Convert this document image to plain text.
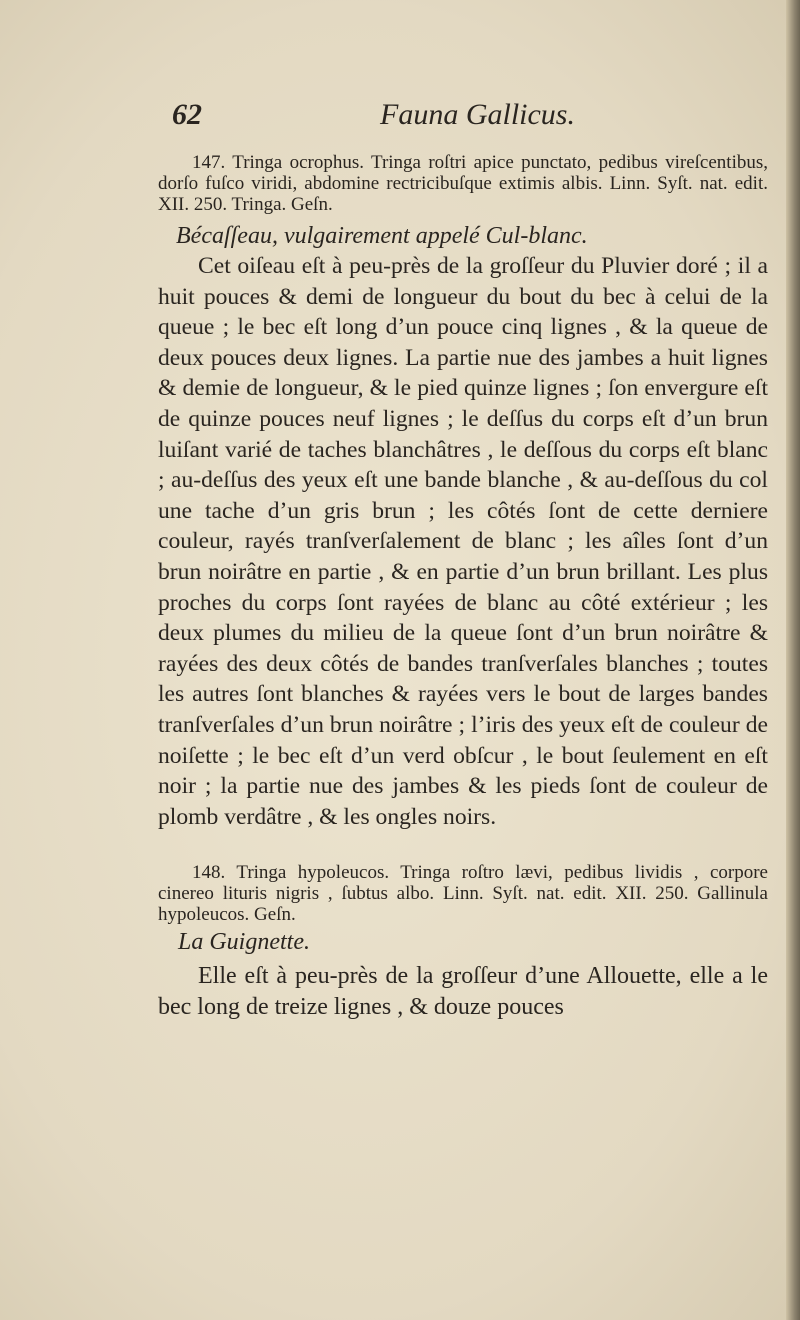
62	Fauna Gallicus.

147. Tringa ocrophus. Tringa roſtri apice punctato, pedibus vireſcentibus, dorſo fuſco viridi, abdomine rectricibuſque extimis albis. Linn. Syſt. nat. edit. XII. 250. Tringa. Geſn.

Bécaſſeau, vulgairement appelé Cul-blanc.

Cet oiſeau eſt à peu-près de la groſſeur du Pluvier doré ; il a huit pouces & demi de longueur du bout du bec à celui de la queue ; le bec eſt long d’un pouce cinq lignes , & la queue de deux pouces deux lignes. La partie nue des jambes a huit lignes & demie de longueur, & le pied quinze lignes ; ſon envergure eſt de quinze pouces neuf lignes ; le deſſus du corps eſt d’un brun luiſant varié de taches blanchâtres , le deſſous du corps eſt blanc ; au-deſſus des yeux eſt une bande blanche , & au-deſſous du col une tache d’un gris brun ; les côtés ſont de cette derniere couleur, rayés tranſverſalement de blanc ; les aîles ſont d’un brun noirâtre en partie , & en partie d’un brun brillant. Les plus proches du corps ſont rayées de blanc au côté extérieur ; les deux plumes du milieu de la queue ſont d’un brun noirâtre & rayées des deux côtés de bandes tranſverſales blanches ; toutes les autres ſont blanches & rayées vers le bout de larges bandes tranſverſales d’un brun noirâtre ; l’iris des yeux eſt de couleur de noiſette ; le bec eſt d’un verd obſcur , le bout ſeulement en eſt noir ; la partie nue des jambes & les pieds ſont de couleur de plomb verdâtre , & les ongles noirs.

148. Tringa hypoleucos. Tringa roſtro lævi, pedibus lividis , corpore cinereo lituris nigris , ſubtus albo. Linn. Syſt. nat. edit. XII. 250. Gallinula hypoleucos. Geſn.

La Guignette.

Elle eſt à peu-près de la groſſeur d’une Allouette, elle a le bec long de treize lignes , & douze pouces
